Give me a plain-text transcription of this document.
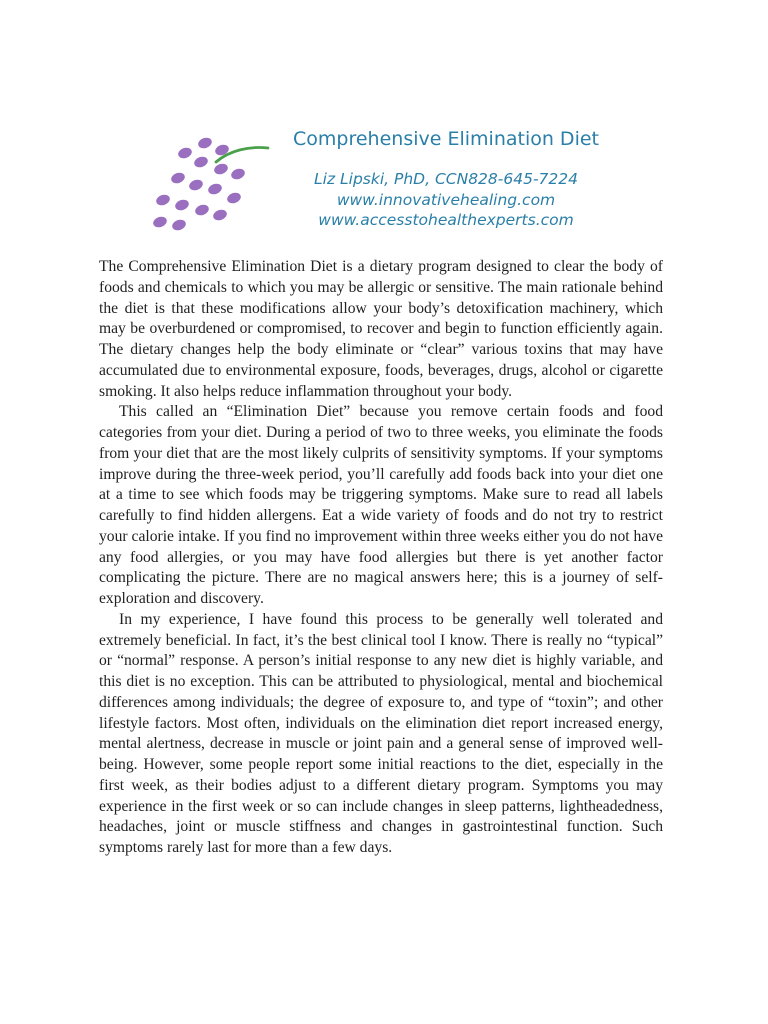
Comprehensive Elimination Diet
Liz Lipski, PhD, CCN828-645-7224
www.innovativehealing.com
www.accesstohealthexperts.com

The Comprehensive Elimination Diet is a dietary program designed to clear the body of foods and chemicals to which you may be allergic or sensitive. The main rationale behind the diet is that these modifications allow your body’s detoxification machinery, which may be overburdened or compromised, to recover and begin to function efficiently again. The dietary changes help the body eliminate or “clear” various toxins that may have accumulated due to environmental exposure, foods, beverages, drugs, alcohol or cigarette smoking. It also helps reduce inflammation throughout your body.

This called an “Elimination Diet” because you remove certain foods and food categories from your diet. During a period of two to three weeks, you eliminate the foods from your diet that are the most likely culprits of sensitivity symptoms. If your symptoms improve during the three-week period, you’ll carefully add foods back into your diet one at a time to see which foods may be triggering symptoms. Make sure to read all labels carefully to find hidden allergens. Eat a wide variety of foods and do not try to restrict your calorie intake. If you find no improvement within three weeks either you do not have any food allergies, or you may have food allergies but there is yet another factor complicating the picture. There are no magical answers here; this is a journey of self-exploration and discovery.

In my experience, I have found this process to be generally well tolerated and extremely beneficial. In fact, it’s the best clinical tool I know. There is really no “typical” or “normal” response. A person’s initial response to any new diet is highly variable, and this diet is no exception. This can be attributed to physiological, mental and biochemical differences among individuals; the degree of exposure to, and type of “toxin”; and other lifestyle factors. Most often, individuals on the elimination diet report increased energy, mental alertness, decrease in muscle or joint pain and a general sense of improved well-being. However, some people report some initial reactions to the diet, especially in the first week, as their bodies adjust to a different dietary program. Symptoms you may experience in the first week or so can include changes in sleep patterns, lightheadedness, headaches, joint or muscle stiffness and changes in gastrointestinal function. Such symptoms rarely last for more than a few days.
